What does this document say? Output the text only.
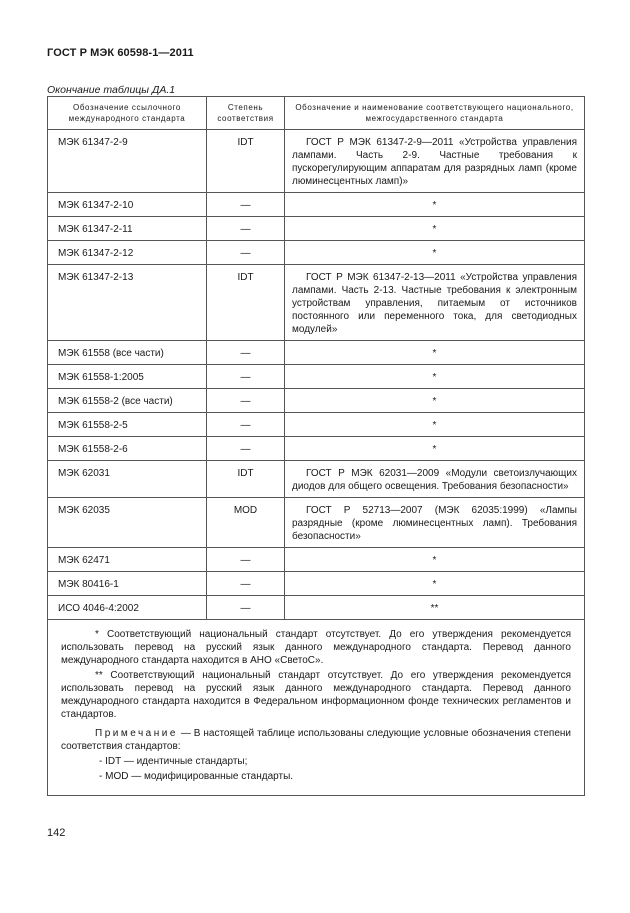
ГОСТ Р МЭК 60598-1—2011
Окончание таблицы ДА.1
Обозначение ссылочного международного стандарта	Степень соответствия	Обозначение и наименование соответствующего национального, межгосударственного стандарта
МЭК 61347-2-9	IDT	ГОСТ Р МЭК 61347-2-9—2011 «Устройства управления лампами. Часть 2-9. Частные требования к пускорегулирующим аппаратам для разрядных ламп (кроме люминесцентных ламп)»

МЭК 61347-2-10	—	*
МЭК 61347-2-11	—	*
МЭК 61347-2-12	—	*
МЭК 61347-2-13	IDT	ГОСТ Р МЭК 61347-2-13—2011 «Устройства управления лампами. Часть 2-13. Частные требования к электронным устройствам управления, питаемым от источников постоянного или переменного тока, для светодиодных модулей»

МЭК 61558 (все части)	—	*
МЭК 61558-1:2005	—	*
МЭК 61558-2 (все части)	—	*
МЭК 61558-2-5	—	*
МЭК 61558-2-6	—	*
МЭК 62031	IDT	ГОСТ Р МЭК 62031—2009 «Модули светоизлучающих диодов для общего освещения. Требования безопасности»

МЭК 62035	MOD	ГОСТ Р 52713—2007 (МЭК 62035:1999) «Лампы разрядные (кроме люминесцентных ламп). Требования безопасности»

МЭК 62471	—	*
МЭК 80416-1	—	*
ИСО 4046-4:2002	—	**

* Соответствующий национальный стандарт отсутствует. До его утверждения рекомендуется использовать перевод на русский язык данного международного стандарта. Перевод данного международного стандарта находится в АНО «СветоС».

** Соответствующий национальный стандарт отсутствует. До его утверждения рекомендуется использовать перевод на русский язык данного международного стандарта. Перевод данного международного стандарта находится в Федеральном информационном фонде технических регламентов и стандартов.

Примечание — В настоящей таблице использованы следующие условные обозначения степени соответствия стандартов:

- IDT — идентичные стандарты;

- MOD — модифицированные стандарты.		

142
